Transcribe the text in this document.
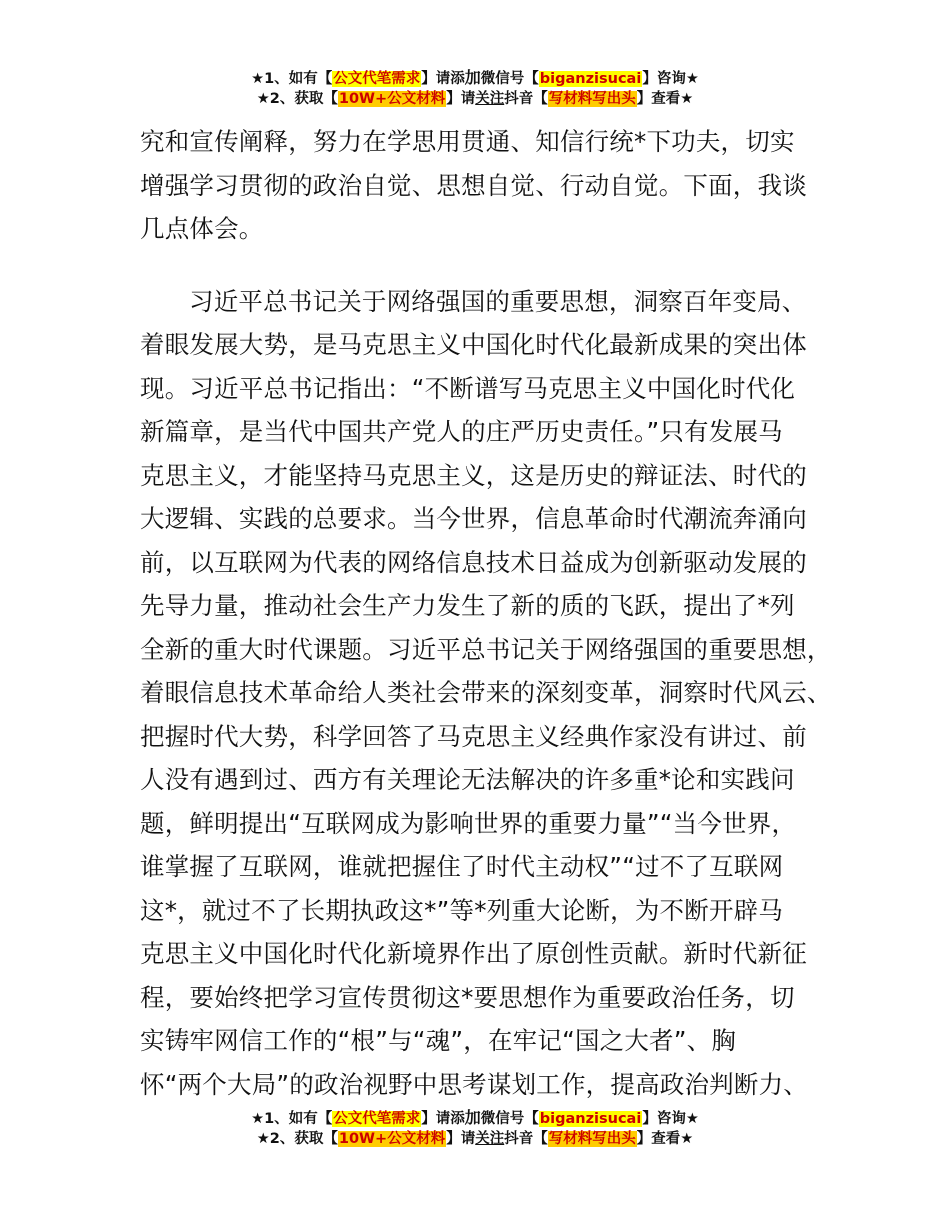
★1、如有【公文代笔需求】请添加微信号【biganzisucai】咨询★
★2、获取【10W+公文材料】请关注抖音【写材料写出头】查看★
究和宣传阐释，努力在学思用贯通、知信行统*下功夫，切实
增强学习贯彻的政治自觉、思想自觉、行动自觉。下面，我谈
几点体会。
习近平总书记关于网络强国的重要思想，洞察百年变局、
着眼发展大势，是马克思主义中国化时代化最新成果的突出体
现。习近平总书记指出：“不断谱写马克思主义中国化时代化
新篇章，是当代中国共产党人的庄严历史责任。”只有发展马
克思主义，才能坚持马克思主义，这是历史的辩证法、时代的
大逻辑、实践的总要求。当今世界，信息革命时代潮流奔涌向
前，以互联网为代表的网络信息技术日益成为创新驱动发展的
先导力量，推动社会生产力发生了新的质的飞跃，提出了*列
全新的重大时代课题。习近平总书记关于网络强国的重要思想，
着眼信息技术革命给人类社会带来的深刻变革，洞察时代风云、
把握时代大势，科学回答了马克思主义经典作家没有讲过、前
人没有遇到过、西方有关理论无法解决的许多重*论和实践问
题，鲜明提出“互联网成为影响世界的重要力量”“当今世界，
谁掌握了互联网，谁就把握住了时代主动权”“过不了互联网
这*，就过不了长期执政这*”等*列重大论断，为不断开辟马
克思主义中国化时代化新境界作出了原创性贡献。新时代新征
程，要始终把学习宣传贯彻这*要思想作为重要政治任务，切
实铸牢网信工作的“根”与“魂”，在牢记“国之大者”、胸
怀“两个大局”的政治视野中思考谋划工作，提高政治判断力、
★1、如有【公文代笔需求】请添加微信号【biganzisucai】咨询★
★2、获取【10W+公文材料】请关注抖音【写材料写出头】查看★
